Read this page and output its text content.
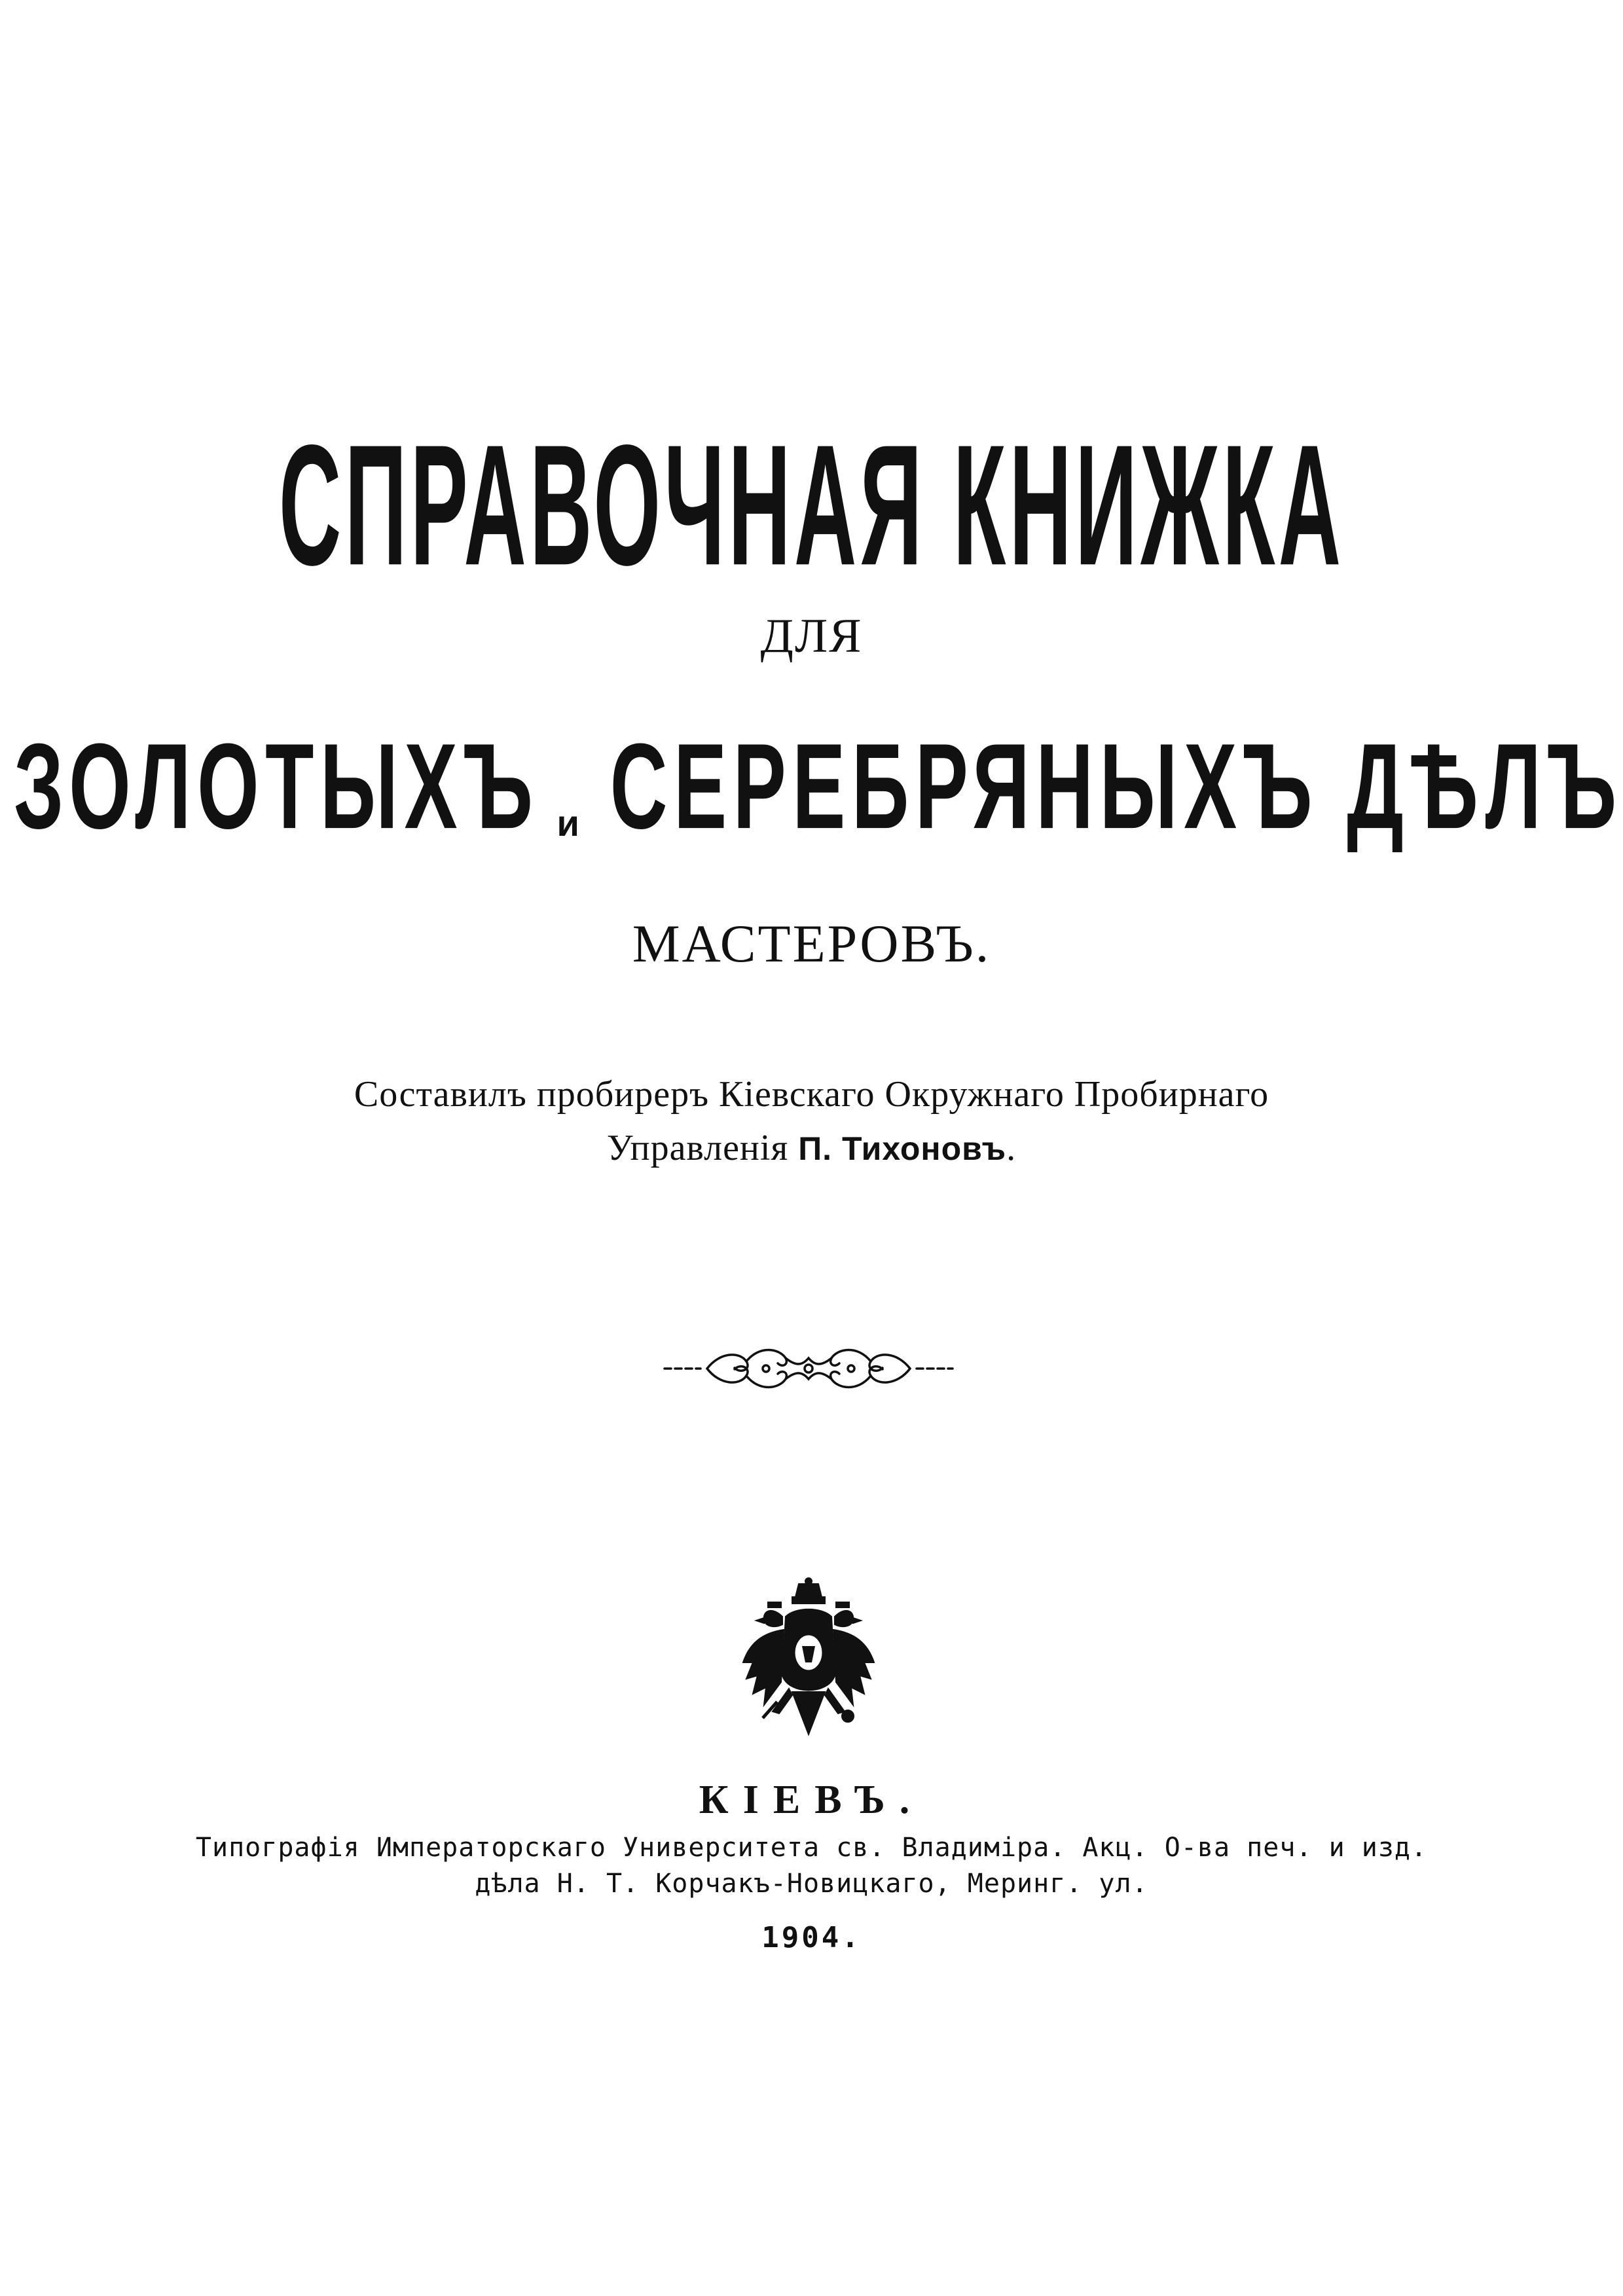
СПРАВОЧНАЯ КНИЖКА
ДЛЯ
ЗОЛОТЫХЪ и СЕРЕБРЯНЫХЪ ДѢЛЪ
МАСТЕРОВЪ.
Составилъ пробиреръ Кіевскаго Окружнаго Пробирнаго
Управленія П. Тихоновъ.
КІЕВЪ.
Типографія Императорскаго Университета св. Владиміра. Акц. О-ва печ. и изд.
дѣла Н. Т. Корчакъ-Новицкаго, Меринг. ул.
1904.
